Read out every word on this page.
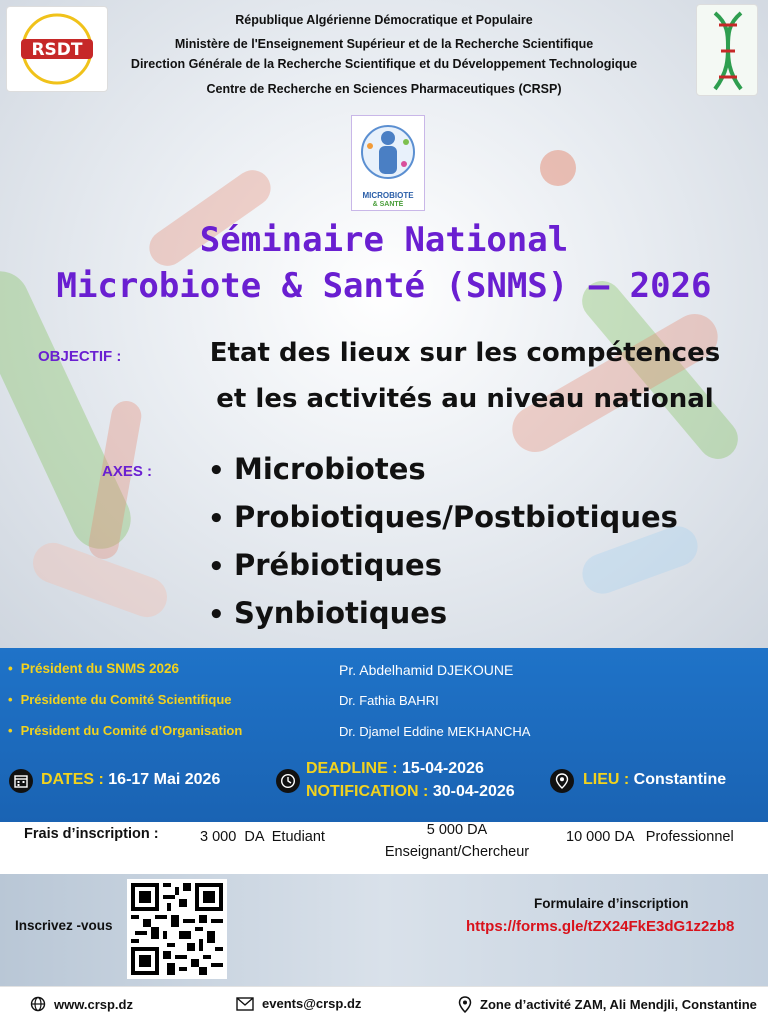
RSDT
République Algérienne Démocratique et Populaire
Ministère de l'Enseignement Supérieur et de la Recherche Scientifique
Direction Générale de la Recherche Scientifique et du Développement Technologique
Centre de Recherche en Sciences Pharmaceutiques (CRSP)
MICROBIOTE
& SANTÉ
Séminaire National
Microbiote & Santé (SNMS) – 2026
OBJECTIF :	Etat des lieux sur les compétences
et les activités au niveau national
AXES :
•	Microbiotes
• Probiotiques/Postbiotiques
• Prébiotiques
• Synbiotiques
• Président du SNMS 2026	Pr. Abdelhamid DJEKOUNE
• Présidente du Comité Scientifique	Dr. Fathia BAHRI
• Président du Comité d’Organisation	Dr. Djamel Eddine MEKHANCHA
DATES : 16-17 Mai 2026
DEADLINE : 15-04-2026
NOTIFICATION : 30-04-2026
LIEU : Constantine
Frais d’inscription :	3 000  DA  Etudiant	5 000 DA
Enseignant/Chercheur
10 000 DA   Professionnel
Inscrivez -vous
Formulaire d’inscription
https://forms.gle/tZX24FkE3dG1z2zb8
www.crsp.dz	events@crsp.dz	Zone d’activité ZAM, Ali Mendjli, Constantine
